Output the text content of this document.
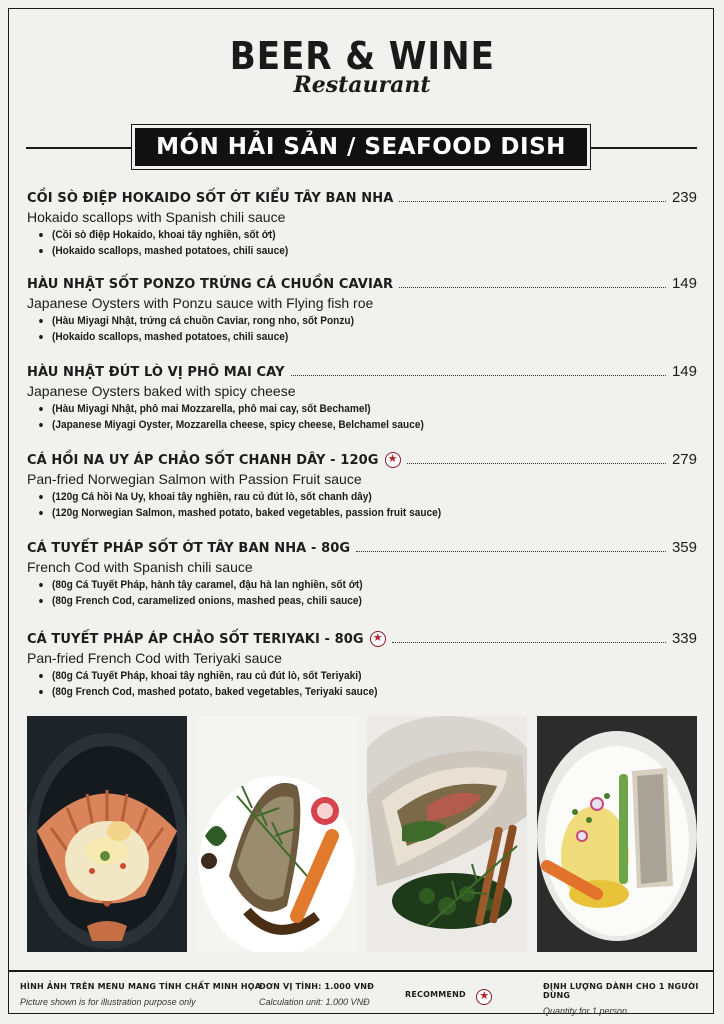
BEER & WINE
Restaurant
MÓN HẢI SẢN / SEAFOOD DISH
CỒI SÒ ĐIỆP HOKAIDO SỐT ỚT KIỂU TÂY BAN NHA	239
Hokaido scallops with Spanish chili sauce
(Cồi sò điệp Hokaido, khoai tây nghiền, sốt ớt)
(Hokaido scallops, mashed potatoes, chili sauce)
HÀU NHẬT SỐT PONZO TRỨNG CÁ CHUỒN CAVIAR	149
Japanese Oysters with Ponzu sauce with Flying fish roe
(Hàu Miyagi Nhật, trứng cá chuồn Caviar, rong nho, sốt Ponzu)
(Hokaido scallops, mashed potatoes, chili sauce)
HÀU NHẬT ĐÚT LÒ VỊ PHÔ MAI CAY	149
Japanese Oysters baked with spicy cheese
(Hàu Miyagi Nhật, phô mai Mozzarella, phô mai cay, sốt Bechamel)
(Japanese Miyagi Oyster, Mozzarella cheese, spicy cheese, Belchamel sauce)
CÁ HỒI NA UY ÁP CHẢO SỐT CHANH DÂY - 120G ★	279
Pan-fried Norwegian Salmon with Passion Fruit sauce
(120g Cá hồi Na Uy, khoai tây nghiền, rau củ đút lò, sốt chanh dây)
(120g Norwegian Salmon, mashed potato, baked vegetables, passion fruit sauce)
CÁ TUYẾT PHÁP SỐT ỚT TÂY BAN NHA - 80G	359
French Cod with Spanish chili sauce
(80g Cá Tuyết Pháp, hành tây caramel, đậu hà lan nghiền, sốt ớt)
(80g French Cod, caramelized onions, mashed peas, chili sauce)
CÁ TUYẾT PHÁP ÁP CHẢO SỐT TERIYAKI - 80G ★	339
Pan-fried French Cod with Teriyaki sauce
(80g Cá Tuyết Pháp, khoai tây nghiền, rau củ đút lò, sốt Teriyaki)
(80g French Cod, mashed potato, baked vegetables, Teriyaki sauce)
HÌNH ẢNH TRÊN MENU MANG TÍNH CHẤT MINH HỌA
Picture shown is for illustration purpose only
ĐƠN VỊ TÍNH: 1.000 VNĐ
Calculation unit: 1.000 VNĐ
RECOMMEND ★
ĐỊNH LƯỢNG DÀNH CHO 1 NGƯỜI DÙNG
Quantity for 1 person
